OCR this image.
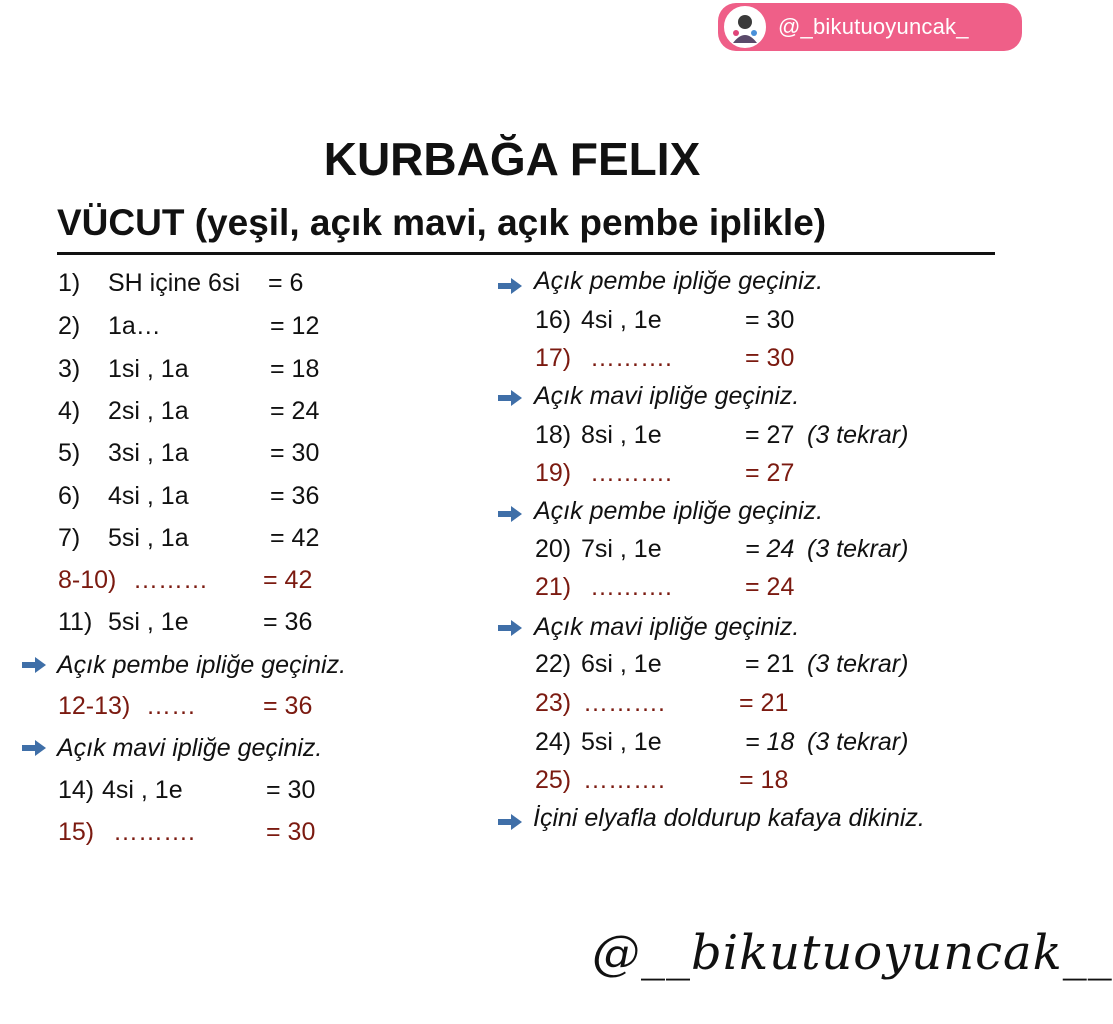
@_bikutuoyuncak_
KURBAĞA FELIX
VÜCUT (yeşil, açık mavi, açık pembe iplikle)
1) SH içine 6si = 6
2) 1a…	= 12
3) 1si , 1a	= 18
4) 2si , 1a	= 24
5) 3si , 1a	= 30
6) 4si , 1a	= 36
7) 5si , 1a	= 42
8-10) ……… = 42
11) 5si , 1e	= 36
Açık pembe ipliğe geçiniz.
12-13) ……	= 36
Açık mavi ipliğe geçiniz.
14) 4si , 1e	= 30
15) ……….	= 30
Açık pembe ipliğe geçiniz.
16) 4si , 1e	= 30
17) ……….	= 30
Açık mavi ipliğe geçiniz.
18) 8si , 1e	= 27 (3 tekrar)
19) ……….	= 27
Açık pembe ipliğe geçiniz.
20) 7si , 1e	= 24 (3 tekrar)
21) ……….	= 24
Açık mavi ipliğe geçiniz.
22) 6si , 1e	= 21 (3 tekrar)
23) ……….	= 21
24) 5si , 1e	= 18 (3 tekrar)
25) ……….	= 18
İçini elyafla doldurup kafaya dikiniz.
@__bikutuoyuncak__
